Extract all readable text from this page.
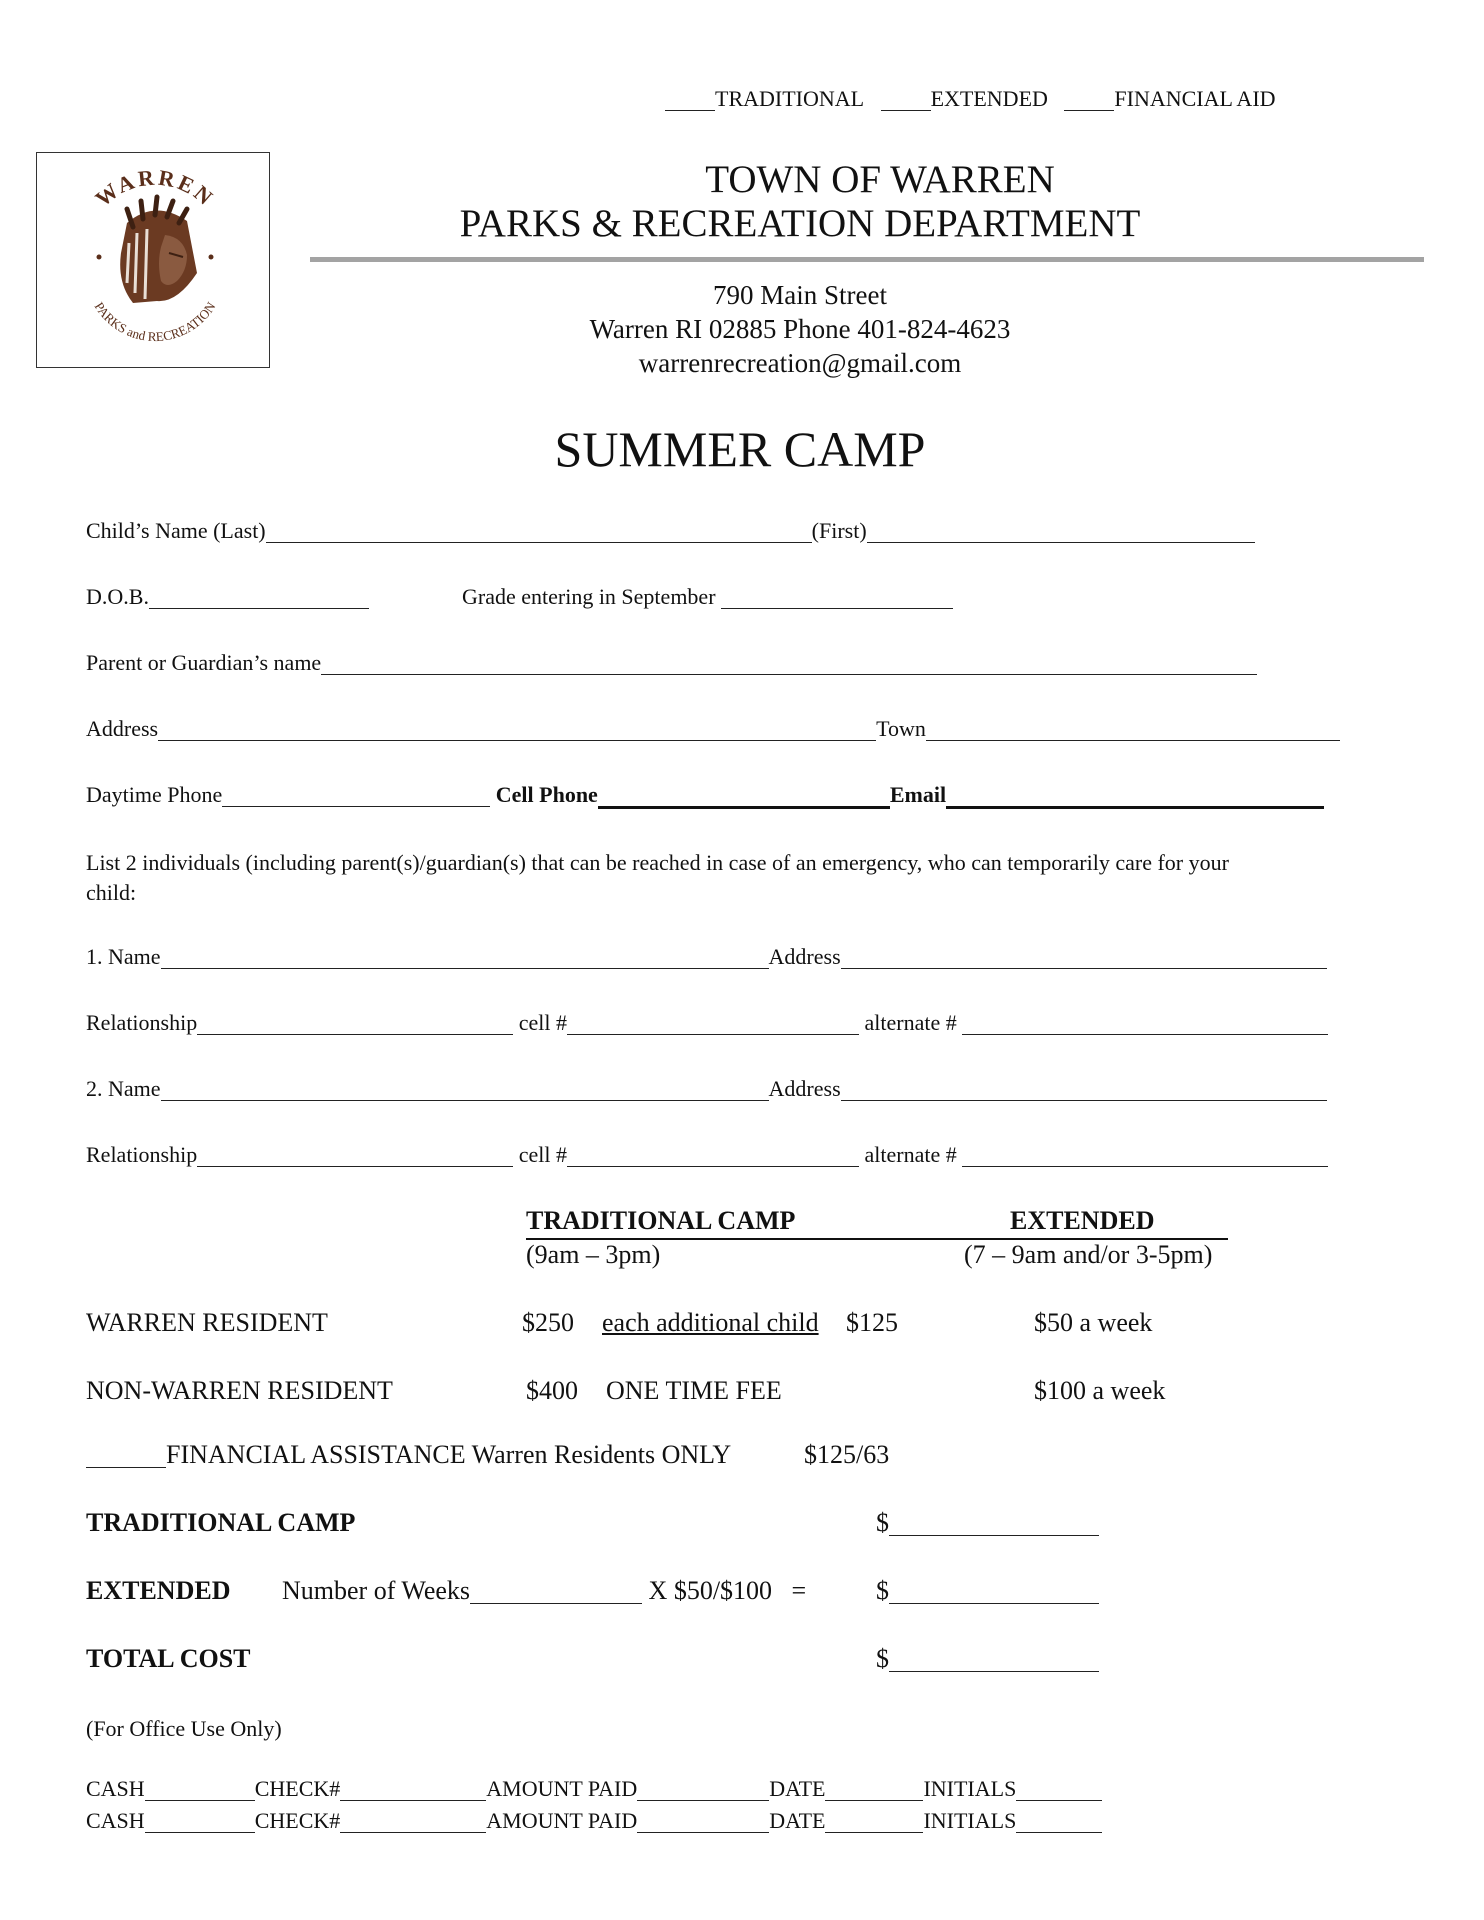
TRADITIONAL	EXTENDED	FINANCIAL AID
WARREN
PARKS and RECREATION
TOWN OF WARREN
PARKS & RECREATION DEPARTMENT
790 Main Street
Warren RI 02885 Phone 401-824-4623
warrenrecreation@gmail.com
SUMMER CAMP
Child’s Name (Last)	(First)
D.O.B.	Grade entering in September
Parent or Guardian’s name
Address	Town
Daytime Phone	Cell Phone	Email
List 2 individuals (including parent(s)/guardian(s) that can be reached in case of an emergency, who can temporarily care for your
child:
1. Name	Address
Relationship	cell #	alternate #
2. Name	Address
Relationship	cell #	alternate #
TRADITIONAL CAMP	EXTENDED
(9am – 3pm)	(7 – 9am and/or 3-5pm)
WARREN RESIDENT	$250 each additional child $125	$50 a week
NON-WARREN RESIDENT	$400 ONE TIME FEE	$100 a week
FINANCIAL ASSISTANCE Warren Residents ONLY	$125/63
TRADITIONAL CAMP	$
EXTENDED Number of Weeks	X $50/$100 =	$
TOTAL COST	$
(For Office Use Only)
CASH	CHECK#	AMOUNT PAID	DATE	INITIALS
CASH	CHECK#	AMOUNT PAID	DATE	INITIALS
